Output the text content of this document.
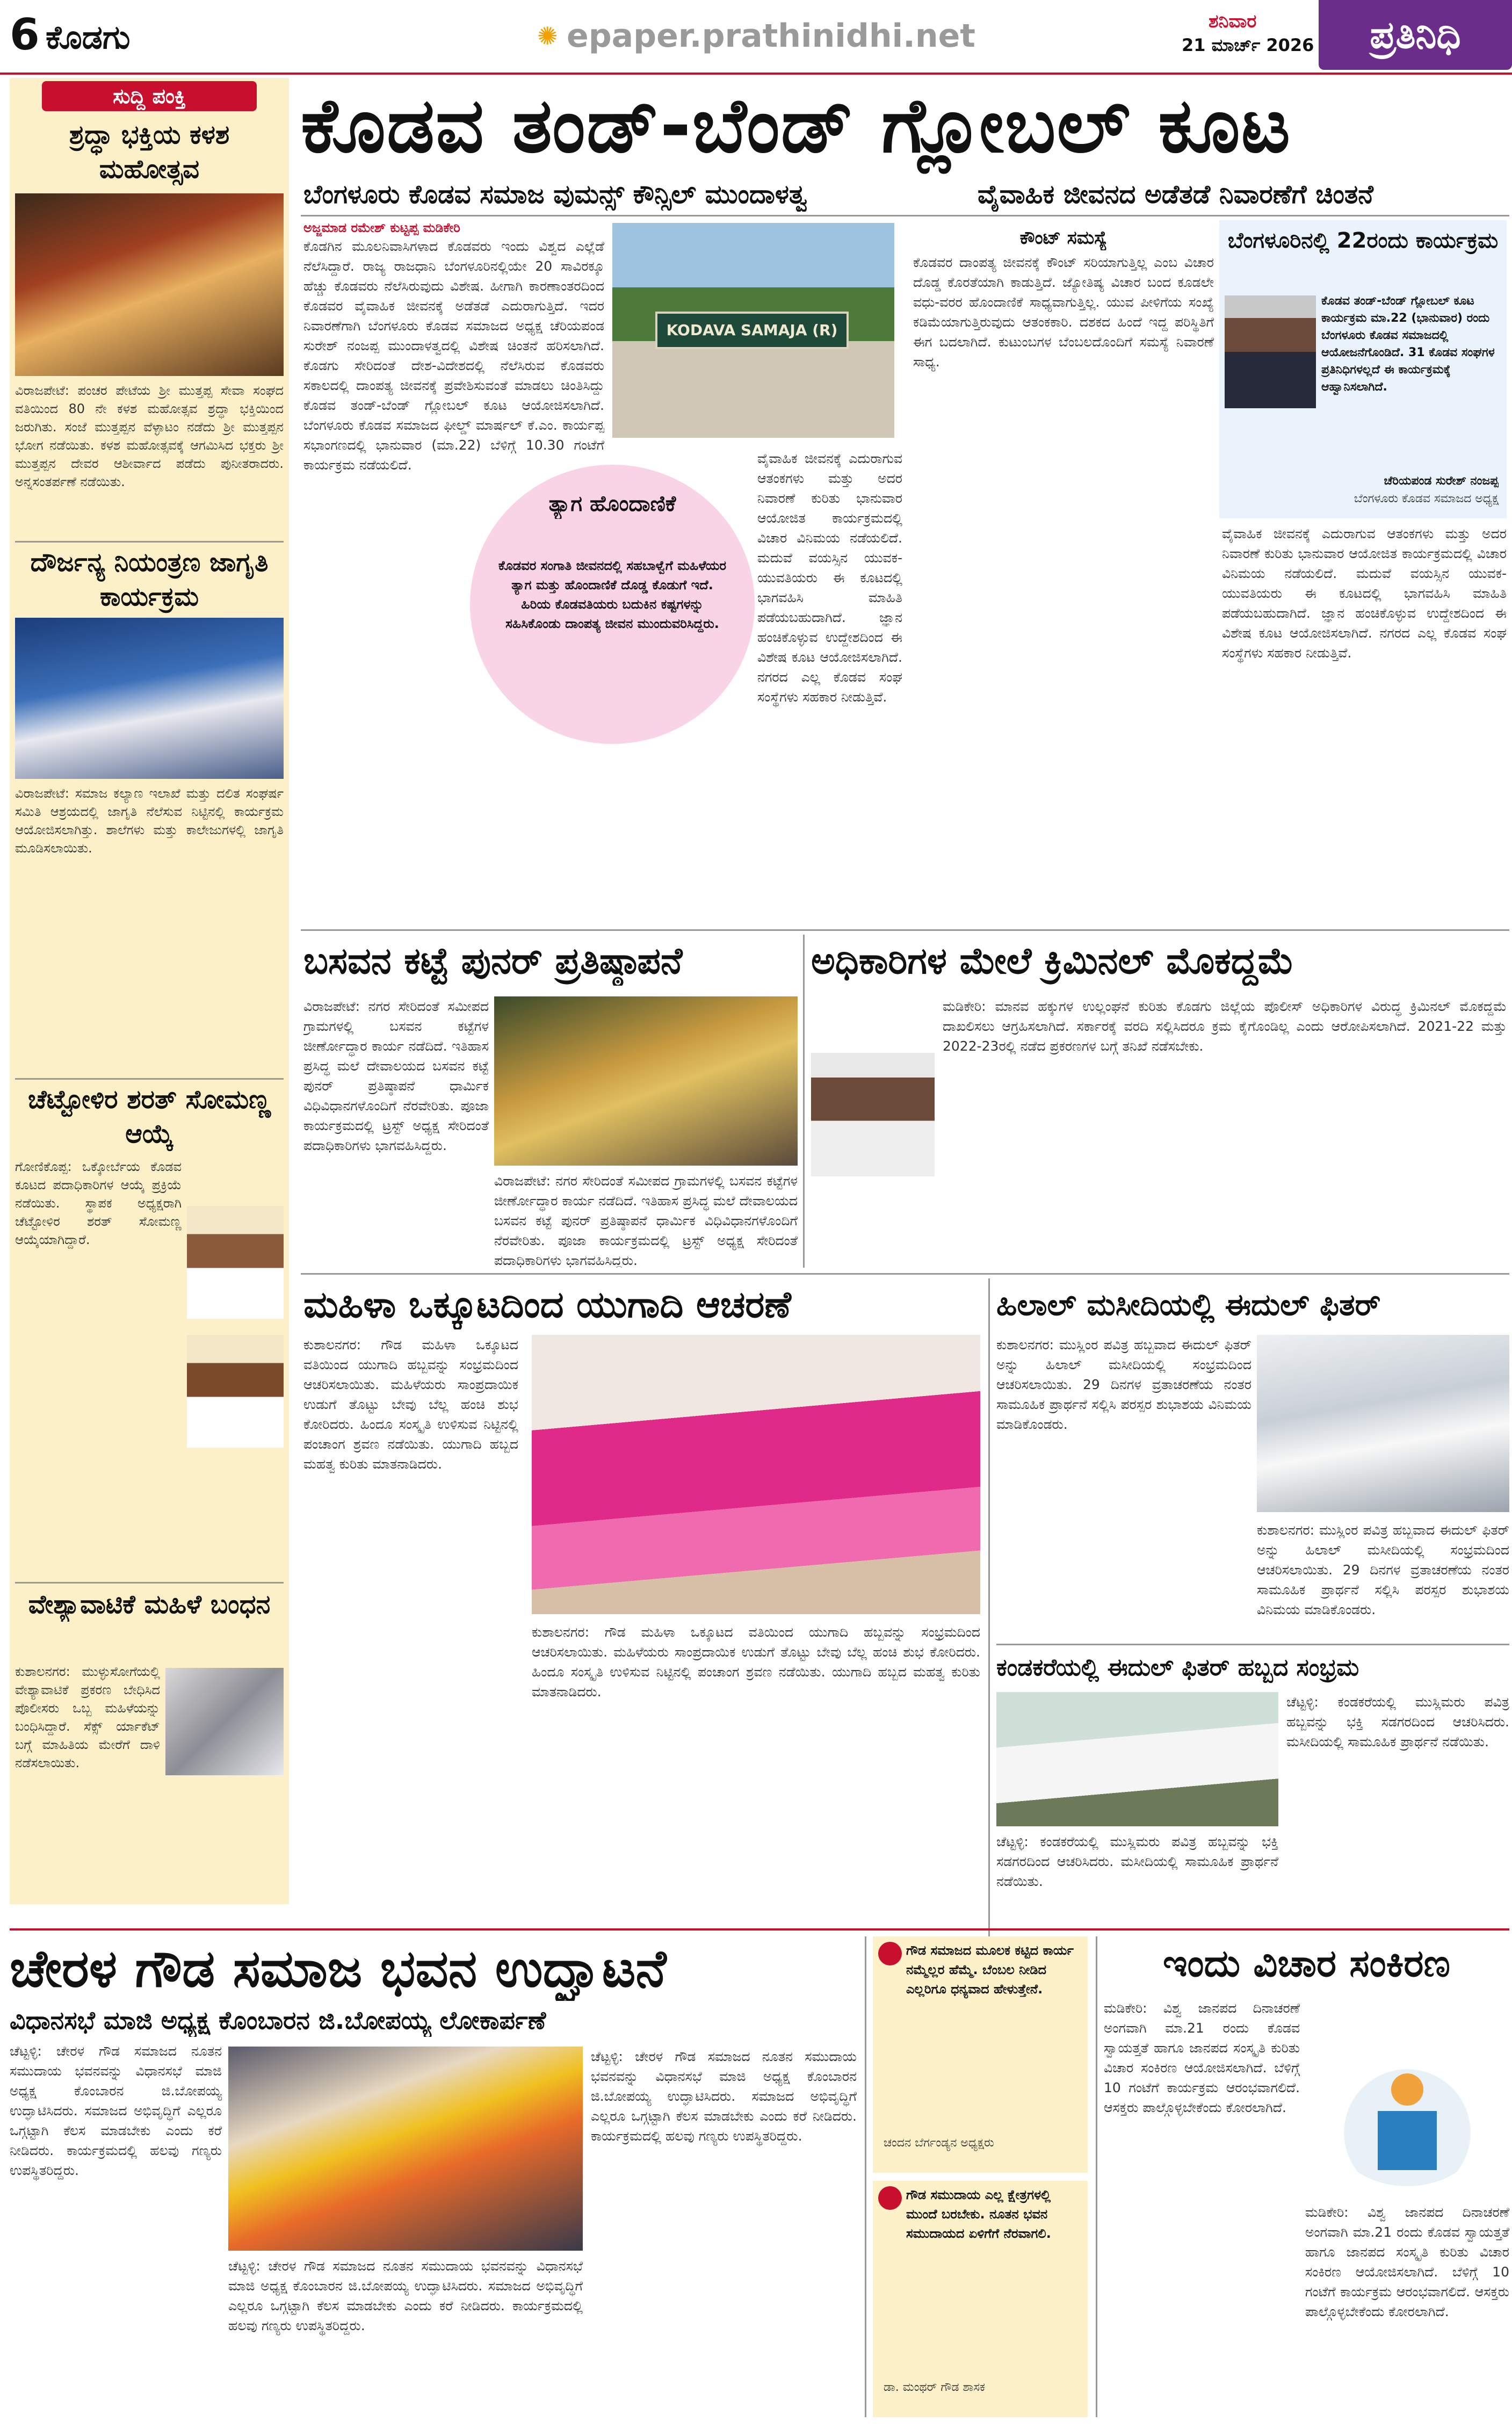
6 ಕೊಡಗು	✺ epaper.prathinidhi.net	ಶನಿವಾರ
21 ಮಾರ್ಚ್ 2026	ಪ್ರತಿನಿಧಿ
ಸುದ್ದಿ ಪಂಕ್ತಿ
ಶ್ರದ್ಧಾ ಭಕ್ತಿಯ ಕಳಶ ಮಹೋತ್ಸವ
ವಿರಾಜಪೇಟೆ: ಪಂಚರ ಪೇಟೆಯ ಶ್ರೀ ಮುತ್ತಪ್ಪ ಸೇವಾ ಸಂಘದ ವತಿಯಿಂದ 80 ನೇ ಕಳಶ ಮಹೋತ್ಸವ ಶ್ರದ್ಧಾ ಭಕ್ತಿಯಿಂದ ಜರುಗಿತು. ಸಂಜೆ ಮುತ್ತಪ್ಪನ ವೆಳ್ಳಾಟಂ ನಡೆದು ಶ್ರೀ ಮುತ್ತಪ್ಪನ ಭೋಗ ನಡೆಯಿತು. ಕಳಶ ಮಹೋತ್ಸವಕ್ಕೆ ಆಗಮಿಸಿದ ಭಕ್ತರು ಶ್ರೀ ಮುತ್ತಪ್ಪನ ದೇವರ ಆಶೀರ್ವಾದ ಪಡೆದು ಪುನೀತರಾದರು. ಅನ್ನಸಂತರ್ಪಣೆ ನಡೆಯಿತು.
ದೌರ್ಜನ್ಯ ನಿಯಂತ್ರಣ ಜಾಗೃತಿ ಕಾರ್ಯಕ್ರಮ
ವಿರಾಜಪೇಟೆ: ಸಮಾಜ ಕಲ್ಯಾಣ ಇಲಾಖೆ ಮತ್ತು ದಲಿತ ಸಂಘರ್ಷ ಸಮಿತಿ ಆಶ್ರಯದಲ್ಲಿ ಜಾಗೃತಿ ನೆಲೆಸುವ ನಿಟ್ಟಿನಲ್ಲಿ ಕಾರ್ಯಕ್ರಮ ಆಯೋಜಿಸಲಾಗಿತ್ತು. ಶಾಲೆಗಳು ಮತ್ತು ಕಾಲೇಜುಗಳಲ್ಲಿ ಜಾಗೃತಿ ಮೂಡಿಸಲಾಯಿತು.
ಚೆಟ್ಟೋಳಿರ ಶರತ್ ಸೋಮಣ್ಣ ಆಯ್ಕೆ
ಗೋಣಿಕೊಪ್ಪ: ಒಕ್ಕೋರ್ಬೆಯ ಕೊಡವ ಕೂಟದ ಪದಾಧಿಕಾರಿಗಳ ಆಯ್ಕೆ ಪ್ರಕ್ರಿಯೆ ನಡೆಯಿತು. ಸ್ಥಾಪಕ ಅಧ್ಯಕ್ಷರಾಗಿ ಚೆಟ್ಟೋಳಿರ ಶರತ್ ಸೋಮಣ್ಣ ಆಯ್ಕೆಯಾಗಿದ್ದಾರೆ.
ವೇಶ್ಯಾವಾಟಿಕೆ ಮಹಿಳೆ ಬಂಧನ
ಕುಶಾಲನಗರ: ಮುಳ್ಳುಸೋಗೆಯಲ್ಲಿ ವೇಶ್ಯಾವಾಟಿಕೆ ಪ್ರಕರಣ ಬೇಧಿಸಿದ ಪೊಲೀಸರು ಒಬ್ಬ ಮಹಿಳೆಯನ್ನು ಬಂಧಿಸಿದ್ದಾರೆ. ಸೆಕ್ಸ್ ರ್ಯಾಕೆಟ್ ಬಗ್ಗೆ ಮಾಹಿತಿಯ ಮೇರೆಗೆ ದಾಳಿ ನಡೆಸಲಾಯಿತು.
ಕೊಡವ ತಂಡ್-ಬೆಂಡ್ ಗ್ಲೋಬಲ್ ಕೂಟ
ಬೆಂಗಳೂರು ಕೊಡವ ಸಮಾಜ ವುಮನ್ಸ್ ಕೌನ್ಸಿಲ್ ಮುಂದಾಳತ್ವ	ವೈವಾಹಿಕ ಜೀವನದ ಅಡೆತಡೆ ನಿವಾರಣೆಗೆ ಚಿಂತನೆ
ಅಜ್ಜಮಾಡ ರಮೇಶ್ ಕುಟ್ಟಪ್ಪ ಮಡಿಕೇರಿ
ಕೊಡಗಿನ ಮೂಲನಿವಾಸಿಗಳಾದ ಕೊಡವರು ಇಂದು ವಿಶ್ವದ ಎಲ್ಲೆಡೆ ನೆಲೆಸಿದ್ದಾರೆ. ರಾಜ್ಯ ರಾಜಧಾನಿ ಬೆಂಗಳೂರಿನಲ್ಲಿಯೇ 20 ಸಾವಿರಕ್ಕೂ ಹೆಚ್ಚು ಕೊಡವರು ನೆಲೆಸಿರುವುದು ವಿಶೇಷ. ಹೀಗಾಗಿ ಕಾರಣಾಂತರದಿಂದ ಕೊಡವರ ವೈವಾಹಿಕ ಜೀವನಕ್ಕೆ ಅಡೆತಡೆ ಎದುರಾಗುತ್ತಿದೆ. ಇದರ ನಿವಾರಣೆಗಾಗಿ ಬೆಂಗಳೂರು ಕೊಡವ ಸಮಾಜದ ಅಧ್ಯಕ್ಷ ಚೆರಿಯಪಂಡ ಸುರೇಶ್ ನಂಜಪ್ಪ ಮುಂದಾಳತ್ವದಲ್ಲಿ ವಿಶೇಷ ಚಿಂತನೆ ಹರಿಸಲಾಗಿದೆ. ಕೊಡಗು ಸೇರಿದಂತೆ ದೇಶ-ವಿದೇಶದಲ್ಲಿ ನೆಲೆಸಿರುವ ಕೊಡವರು ಸಕಾಲದಲ್ಲಿ ದಾಂಪತ್ಯ ಜೀವನಕ್ಕೆ ಪ್ರವೇಶಿಸುವಂತೆ ಮಾಡಲು ಚಿಂತಿಸಿದ್ದು ಕೊಡವ ತಂಡ್-ಬೆಂಡ್ ಗ್ಲೋಬಲ್ ಕೂಟ ಆಯೋಜಿಸಲಾಗಿದೆ. ಬೆಂಗಳೂರು ಕೊಡವ ಸಮಾಜದ ಫೀಲ್ಡ್ ಮಾರ್ಷಲ್ ಕೆ.ಎಂ. ಕಾರ್ಯಪ್ಪ ಸಭಾಂಗಣದಲ್ಲಿ ಭಾನುವಾರ (ಮಾ.22) ಬೆಳಿಗ್ಗೆ 10.30 ಗಂಟೆಗೆ ಕಾರ್ಯಕ್ರಮ ನಡೆಯಲಿದೆ.
KODAVA SAMAJA (R)
ತ್ಯಾಗ ಹೊಂದಾಣಿಕೆ
ಕೊಡವರ ಸಂಗಾತಿ ಜೀವನದಲ್ಲಿ ಸಹಬಾಳ್ವೆಗೆ ಮಹಿಳೆಯರ ತ್ಯಾಗ ಮತ್ತು ಹೊಂದಾಣಿಕೆ ದೊಡ್ಡ ಕೊಡುಗೆ ಇದೆ. ಹಿರಿಯ ಕೊಡವತಿಯರು ಬದುಕಿನ ಕಷ್ಟಗಳನ್ನು ಸಹಿಸಿಕೊಂಡು ದಾಂಪತ್ಯ ಜೀವನ ಮುಂದುವರಿಸಿದ್ದರು.
ವೈವಾಹಿಕ ಜೀವನಕ್ಕೆ ಎದುರಾಗುವ ಆತಂಕಗಳು ಮತ್ತು ಅದರ ನಿವಾರಣೆ ಕುರಿತು ಭಾನುವಾರ ಆಯೋಜಿತ ಕಾರ್ಯಕ್ರಮದಲ್ಲಿ ವಿಚಾರ ವಿನಿಮಯ ನಡೆಯಲಿದೆ. ಮದುವೆ ವಯಸ್ಸಿನ ಯುವಕ-ಯುವತಿಯರು ಈ ಕೂಟದಲ್ಲಿ ಭಾಗವಹಿಸಿ ಮಾಹಿತಿ ಪಡೆಯಬಹುದಾಗಿದೆ. ಜ್ಞಾನ ಹಂಚಿಕೊಳ್ಳುವ ಉದ್ದೇಶದಿಂದ ಈ ವಿಶೇಷ ಕೂಟ ಆಯೋಜಿಸಲಾಗಿದೆ. ನಗರದ ಎಲ್ಲ ಕೊಡವ ಸಂಘ ಸಂಸ್ಥೆಗಳು ಸಹಕಾರ ನೀಡುತ್ತಿವೆ.
ಕೌಂಟ್ ಸಮಸ್ಯೆ
ಕೊಡವರ ದಾಂಪತ್ಯ ಜೀವನಕ್ಕೆ ಕೌಂಟ್ ಸರಿಯಾಗುತ್ತಿಲ್ಲ ಎಂಬ ವಿಚಾರ ದೊಡ್ಡ ಕೊರತೆಯಾಗಿ ಕಾಡುತ್ತಿದೆ. ಜ್ಯೋತಿಷ್ಯ ವಿಚಾರ ಬಂದ ಕೂಡಲೇ ವಧು-ವರರ ಹೊಂದಾಣಿಕೆ ಸಾಧ್ಯವಾಗುತ್ತಿಲ್ಲ. ಯುವ ಪೀಳಿಗೆಯ ಸಂಖ್ಯೆ ಕಡಿಮೆಯಾಗುತ್ತಿರುವುದು ಆತಂಕಕಾರಿ. ದಶಕದ ಹಿಂದೆ ಇದ್ದ ಪರಿಸ್ಥಿತಿಗೆ ಈಗ ಬದಲಾಗಿದೆ. ಕುಟುಂಬಗಳ ಬೆಂಬಲದೊಂದಿಗೆ ಸಮಸ್ಯೆ ನಿವಾರಣೆ ಸಾಧ್ಯ.
ಬೆಂಗಳೂರಿನಲ್ಲಿ 22ರಂದು ಕಾರ್ಯಕ್ರಮ
ಕೊಡವ ತಂಡ್-ಬೆಂಡ್ ಗ್ಲೋಬಲ್ ಕೂಟ ಕಾರ್ಯಕ್ರಮ ಮಾ.22 (ಭಾನುವಾರ) ರಂದು ಬೆಂಗಳೂರು ಕೊಡವ ಸಮಾಜದಲ್ಲಿ ಆಯೋಜನೆಗೊಂಡಿದೆ. 31 ಕೊಡವ ಸಂಘಗಳ ಪ್ರತಿನಿಧಿಗಳಲ್ಲದೆ ಈ ಕಾರ್ಯಕ್ರಮಕ್ಕೆ ಆಹ್ವಾನಿಸಲಾಗಿದೆ.
ಚೆರಿಯಪಂಡ ಸುರೇಶ್ ನಂಜಪ್ಪ
ಬೆಂಗಳೂರು ಕೊಡವ ಸಮಾಜದ ಅಧ್ಯಕ್ಷ
ವೈವಾಹಿಕ ಜೀವನಕ್ಕೆ ಎದುರಾಗುವ ಆತಂಕಗಳು ಮತ್ತು ಅದರ ನಿವಾರಣೆ ಕುರಿತು ಭಾನುವಾರ ಆಯೋಜಿತ ಕಾರ್ಯಕ್ರಮದಲ್ಲಿ ವಿಚಾರ ವಿನಿಮಯ ನಡೆಯಲಿದೆ. ಮದುವೆ ವಯಸ್ಸಿನ ಯುವಕ-ಯುವತಿಯರು ಈ ಕೂಟದಲ್ಲಿ ಭಾಗವಹಿಸಿ ಮಾಹಿತಿ ಪಡೆಯಬಹುದಾಗಿದೆ. ಜ್ಞಾನ ಹಂಚಿಕೊಳ್ಳುವ ಉದ್ದೇಶದಿಂದ ಈ ವಿಶೇಷ ಕೂಟ ಆಯೋಜಿಸಲಾಗಿದೆ. ನಗರದ ಎಲ್ಲ ಕೊಡವ ಸಂಘ ಸಂಸ್ಥೆಗಳು ಸಹಕಾರ ನೀಡುತ್ತಿವೆ.
ಬಸವನ ಕಟ್ಟೆ ಪುನರ್ ಪ್ರತಿಷ್ಠಾಪನೆ
ವಿರಾಜಪೇಟೆ: ನಗರ ಸೇರಿದಂತೆ ಸಮೀಪದ ಗ್ರಾಮಗಳಲ್ಲಿ ಬಸವನ ಕಟ್ಟೆಗಳ ಜೀರ್ಣೋದ್ಧಾರ ಕಾರ್ಯ ನಡೆದಿದೆ. ಇತಿಹಾಸ ಪ್ರಸಿದ್ಧ ಮಲೆ ದೇವಾಲಯದ ಬಸವನ ಕಟ್ಟೆ ಪುನರ್ ಪ್ರತಿಷ್ಠಾಪನೆ ಧಾರ್ಮಿಕ ವಿಧಿವಿಧಾನಗಳೊಂದಿಗೆ ನೆರವೇರಿತು. ಪೂಜಾ ಕಾರ್ಯಕ್ರಮದಲ್ಲಿ ಟ್ರಸ್ಟ್ ಅಧ್ಯಕ್ಷ ಸೇರಿದಂತೆ ಪದಾಧಿಕಾರಿಗಳು ಭಾಗವಹಿಸಿದ್ದರು.
ವಿರಾಜಪೇಟೆ: ನಗರ ಸೇರಿದಂತೆ ಸಮೀಪದ ಗ್ರಾಮಗಳಲ್ಲಿ ಬಸವನ ಕಟ್ಟೆಗಳ ಜೀರ್ಣೋದ್ಧಾರ ಕಾರ್ಯ ನಡೆದಿದೆ. ಇತಿಹಾಸ ಪ್ರಸಿದ್ಧ ಮಲೆ ದೇವಾಲಯದ ಬಸವನ ಕಟ್ಟೆ ಪುನರ್ ಪ್ರತಿಷ್ಠಾಪನೆ ಧಾರ್ಮಿಕ ವಿಧಿವಿಧಾನಗಳೊಂದಿಗೆ ನೆರವೇರಿತು. ಪೂಜಾ ಕಾರ್ಯಕ್ರಮದಲ್ಲಿ ಟ್ರಸ್ಟ್ ಅಧ್ಯಕ್ಷ ಸೇರಿದಂತೆ ಪದಾಧಿಕಾರಿಗಳು ಭಾಗವಹಿಸಿದ್ದರು.
ಅಧಿಕಾರಿಗಳ ಮೇಲೆ ಕ್ರಿಮಿನಲ್ ಮೊಕದ್ದಮೆ
ಮಡಿಕೇರಿ: ಮಾನವ ಹಕ್ಕುಗಳ ಉಲ್ಲಂಘನೆ ಕುರಿತು ಕೊಡಗು ಜಿಲ್ಲೆಯ ಪೊಲೀಸ್ ಅಧಿಕಾರಿಗಳ ವಿರುದ್ಧ ಕ್ರಿಮಿನಲ್ ಮೊಕದ್ದಮೆ ದಾಖಲಿಸಲು ಆಗ್ರಹಿಸಲಾಗಿದೆ. ಸರ್ಕಾರಕ್ಕೆ ವರದಿ ಸಲ್ಲಿಸಿದರೂ ಕ್ರಮ ಕೈಗೊಂಡಿಲ್ಲ ಎಂದು ಆರೋಪಿಸಲಾಗಿದೆ. 2021-22 ಮತ್ತು 2022-23ರಲ್ಲಿ ನಡೆದ ಪ್ರಕರಣಗಳ ಬಗ್ಗೆ ತನಿಖೆ ನಡೆಸಬೇಕು.
ಮಹಿಳಾ ಒಕ್ಕೂಟದಿಂದ ಯುಗಾದಿ ಆಚರಣೆ
ಕುಶಾಲನಗರ: ಗೌಡ ಮಹಿಳಾ ಒಕ್ಕೂಟದ ವತಿಯಿಂದ ಯುಗಾದಿ ಹಬ್ಬವನ್ನು ಸಂಭ್ರಮದಿಂದ ಆಚರಿಸಲಾಯಿತು. ಮಹಿಳೆಯರು ಸಾಂಪ್ರದಾಯಿಕ ಉಡುಗೆ ತೊಟ್ಟು ಬೇವು ಬೆಲ್ಲ ಹಂಚಿ ಶುಭ ಕೋರಿದರು. ಹಿಂದೂ ಸಂಸ್ಕೃತಿ ಉಳಿಸುವ ನಿಟ್ಟಿನಲ್ಲಿ ಪಂಚಾಂಗ ಶ್ರವಣ ನಡೆಯಿತು. ಯುಗಾದಿ ಹಬ್ಬದ ಮಹತ್ವ ಕುರಿತು ಮಾತನಾಡಿದರು.
ಕುಶಾಲನಗರ: ಗೌಡ ಮಹಿಳಾ ಒಕ್ಕೂಟದ ವತಿಯಿಂದ ಯುಗಾದಿ ಹಬ್ಬವನ್ನು ಸಂಭ್ರಮದಿಂದ ಆಚರಿಸಲಾಯಿತು. ಮಹಿಳೆಯರು ಸಾಂಪ್ರದಾಯಿಕ ಉಡುಗೆ ತೊಟ್ಟು ಬೇವು ಬೆಲ್ಲ ಹಂಚಿ ಶುಭ ಕೋರಿದರು. ಹಿಂದೂ ಸಂಸ್ಕೃತಿ ಉಳಿಸುವ ನಿಟ್ಟಿನಲ್ಲಿ ಪಂಚಾಂಗ ಶ್ರವಣ ನಡೆಯಿತು. ಯುಗಾದಿ ಹಬ್ಬದ ಮಹತ್ವ ಕುರಿತು ಮಾತನಾಡಿದರು.
ಹಿಲಾಲ್ ಮಸೀದಿಯಲ್ಲಿ ಈದುಲ್ ಫಿತರ್
ಕುಶಾಲನಗರ: ಮುಸ್ಲಿಂರ ಪವಿತ್ರ ಹಬ್ಬವಾದ ಈದುಲ್ ಫಿತರ್ ಅನ್ನು ಹಿಲಾಲ್ ಮಸೀದಿಯಲ್ಲಿ ಸಂಭ್ರಮದಿಂದ ಆಚರಿಸಲಾಯಿತು. 29 ದಿನಗಳ ವ್ರತಾಚರಣೆಯ ನಂತರ ಸಾಮೂಹಿಕ ಪ್ರಾರ್ಥನೆ ಸಲ್ಲಿಸಿ ಪರಸ್ಪರ ಶುಭಾಶಯ ವಿನಿಮಯ ಮಾಡಿಕೊಂಡರು.
ಕುಶಾಲನಗರ: ಮುಸ್ಲಿಂರ ಪವಿತ್ರ ಹಬ್ಬವಾದ ಈದುಲ್ ಫಿತರ್ ಅನ್ನು ಹಿಲಾಲ್ ಮಸೀದಿಯಲ್ಲಿ ಸಂಭ್ರಮದಿಂದ ಆಚರಿಸಲಾಯಿತು. 29 ದಿನಗಳ ವ್ರತಾಚರಣೆಯ ನಂತರ ಸಾಮೂಹಿಕ ಪ್ರಾರ್ಥನೆ ಸಲ್ಲಿಸಿ ಪರಸ್ಪರ ಶುಭಾಶಯ ವಿನಿಮಯ ಮಾಡಿಕೊಂಡರು.
ಕಂಡಕರೆಯಲ್ಲಿ ಈದುಲ್ ಫಿತರ್ ಹಬ್ಬದ ಸಂಭ್ರಮ
ಚೆಟ್ಟಳ್ಳಿ: ಕಂಡಕರೆಯಲ್ಲಿ ಮುಸ್ಲಿಮರು ಪವಿತ್ರ ಹಬ್ಬವನ್ನು ಭಕ್ತಿ ಸಡಗರದಿಂದ ಆಚರಿಸಿದರು. ಮಸೀದಿಯಲ್ಲಿ ಸಾಮೂಹಿಕ ಪ್ರಾರ್ಥನೆ ನಡೆಯಿತು.
ಚೆಟ್ಟಳ್ಳಿ: ಕಂಡಕರೆಯಲ್ಲಿ ಮುಸ್ಲಿಮರು ಪವಿತ್ರ ಹಬ್ಬವನ್ನು ಭಕ್ತಿ ಸಡಗರದಿಂದ ಆಚರಿಸಿದರು. ಮಸೀದಿಯಲ್ಲಿ ಸಾಮೂಹಿಕ ಪ್ರಾರ್ಥನೆ ನಡೆಯಿತು.
ಚೇರಳ ಗೌಡ ಸಮಾಜ ಭವನ ಉದ್ಘಾಟನೆ
ವಿಧಾನಸಭೆ ಮಾಜಿ ಅಧ್ಯಕ್ಷ ಕೊಂಬಾರನ ಜಿ.ಬೋಪಯ್ಯ ಲೋಕಾರ್ಪಣೆ
ಚೆಟ್ಟಳ್ಳಿ: ಚೇರಳ ಗೌಡ ಸಮಾಜದ ನೂತನ ಸಮುದಾಯ ಭವನವನ್ನು ವಿಧಾನಸಭೆ ಮಾಜಿ ಅಧ್ಯಕ್ಷ ಕೊಂಬಾರನ ಜಿ.ಬೋಪಯ್ಯ ಉದ್ಘಾಟಿಸಿದರು. ಸಮಾಜದ ಅಭಿವೃದ್ಧಿಗೆ ಎಲ್ಲರೂ ಒಗ್ಗಟ್ಟಾಗಿ ಕೆಲಸ ಮಾಡಬೇಕು ಎಂದು ಕರೆ ನೀಡಿದರು. ಕಾರ್ಯಕ್ರಮದಲ್ಲಿ ಹಲವು ಗಣ್ಯರು ಉಪಸ್ಥಿತರಿದ್ದರು.
ಚೆಟ್ಟಳ್ಳಿ: ಚೇರಳ ಗೌಡ ಸಮಾಜದ ನೂತನ ಸಮುದಾಯ ಭವನವನ್ನು ವಿಧಾನಸಭೆ ಮಾಜಿ ಅಧ್ಯಕ್ಷ ಕೊಂಬಾರನ ಜಿ.ಬೋಪಯ್ಯ ಉದ್ಘಾಟಿಸಿದರು. ಸಮಾಜದ ಅಭಿವೃದ್ಧಿಗೆ ಎಲ್ಲರೂ ಒಗ್ಗಟ್ಟಾಗಿ ಕೆಲಸ ಮಾಡಬೇಕು ಎಂದು ಕರೆ ನೀಡಿದರು. ಕಾರ್ಯಕ್ರಮದಲ್ಲಿ ಹಲವು ಗಣ್ಯರು ಉಪಸ್ಥಿತರಿದ್ದರು.
ಚೆಟ್ಟಳ್ಳಿ: ಚೇರಳ ಗೌಡ ಸಮಾಜದ ನೂತನ ಸಮುದಾಯ ಭವನವನ್ನು ವಿಧಾನಸಭೆ ಮಾಜಿ ಅಧ್ಯಕ್ಷ ಕೊಂಬಾರನ ಜಿ.ಬೋಪಯ್ಯ ಉದ್ಘಾಟಿಸಿದರು. ಸಮಾಜದ ಅಭಿವೃದ್ಧಿಗೆ ಎಲ್ಲರೂ ಒಗ್ಗಟ್ಟಾಗಿ ಕೆಲಸ ಮಾಡಬೇಕು ಎಂದು ಕರೆ ನೀಡಿದರು. ಕಾರ್ಯಕ್ರಮದಲ್ಲಿ ಹಲವು ಗಣ್ಯರು ಉಪಸ್ಥಿತರಿದ್ದರು.
ಗೌಡ ಸಮಾಜದ ಮೂಲಕ ಕಟ್ಟಿದ ಕಾರ್ಯ ನಮ್ಮೆಲ್ಲರ ಹೆಮ್ಮೆ. ಬೆಂಬಲ ನೀಡಿದ ಎಲ್ಲರಿಗೂ ಧನ್ಯವಾದ ಹೇಳುತ್ತೇನೆ.
ಚಂದನ ಬೆರ್ಗಂಡ್ಯನ ಅಧ್ಯಕ್ಷರು
ಗೌಡ ಸಮುದಾಯ ಎಲ್ಲ ಕ್ಷೇತ್ರಗಳಲ್ಲಿ ಮುಂದೆ ಬರಬೇಕು. ನೂತನ ಭವನ ಸಮುದಾಯದ ಏಳಿಗೆಗೆ ನೆರವಾಗಲಿ.
ಡಾ. ಮಂಥರ್ ಗೌಡ ಶಾಸಕ
ಇಂದು ವಿಚಾರ ಸಂಕಿರಣ
ಮಡಿಕೇರಿ: ವಿಶ್ವ ಜಾನಪದ ದಿನಾಚರಣೆ ಅಂಗವಾಗಿ ಮಾ.21 ರಂದು ಕೊಡವ ಸ್ವಾಯತ್ತತೆ ಹಾಗೂ ಜಾನಪದ ಸಂಸ್ಕೃತಿ ಕುರಿತು ವಿಚಾರ ಸಂಕಿರಣ ಆಯೋಜಿಸಲಾಗಿದೆ. ಬೆಳಿಗ್ಗೆ 10 ಗಂಟೆಗೆ ಕಾರ್ಯಕ್ರಮ ಆರಂಭವಾಗಲಿದೆ. ಆಸಕ್ತರು ಪಾಲ್ಗೊಳ್ಳಬೇಕೆಂದು ಕೋರಲಾಗಿದೆ.
ಮಡಿಕೇರಿ: ವಿಶ್ವ ಜಾನಪದ ದಿನಾಚರಣೆ ಅಂಗವಾಗಿ ಮಾ.21 ರಂದು ಕೊಡವ ಸ್ವಾಯತ್ತತೆ ಹಾಗೂ ಜಾನಪದ ಸಂಸ್ಕೃತಿ ಕುರಿತು ವಿಚಾರ ಸಂಕಿರಣ ಆಯೋಜಿಸಲಾಗಿದೆ. ಬೆಳಿಗ್ಗೆ 10 ಗಂಟೆಗೆ ಕಾರ್ಯಕ್ರಮ ಆರಂಭವಾಗಲಿದೆ. ಆಸಕ್ತರು ಪಾಲ್ಗೊಳ್ಳಬೇಕೆಂದು ಕೋರಲಾಗಿದೆ.
